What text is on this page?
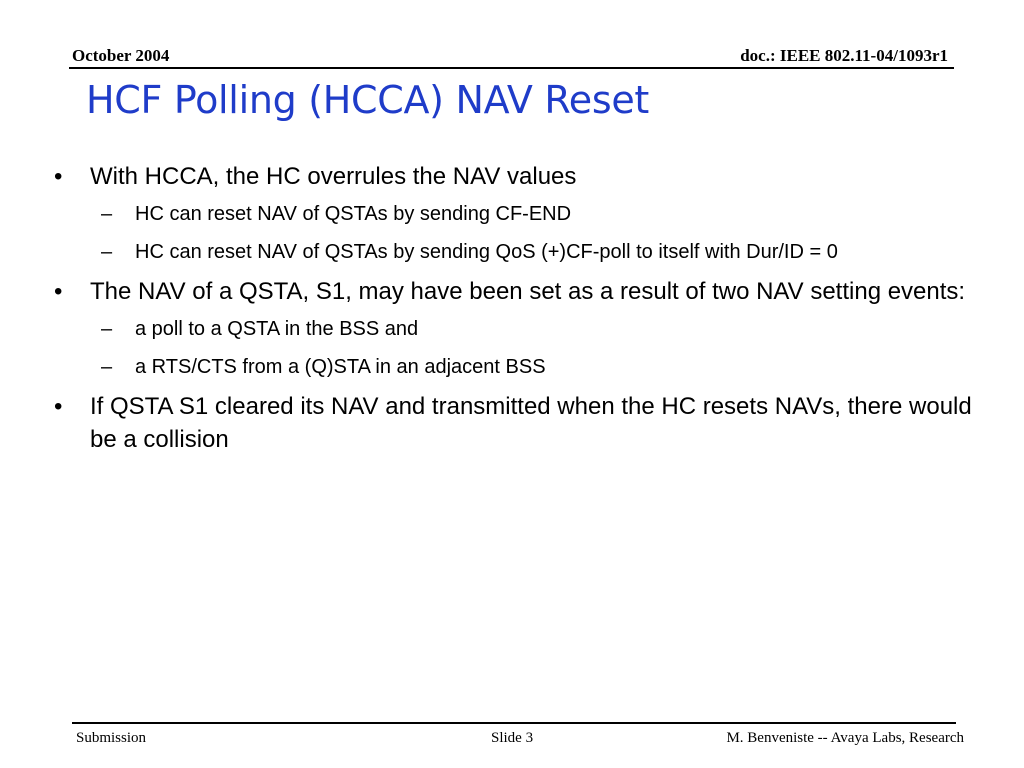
October 2004	doc.: IEEE 802.11-04/1093r1
HCF Polling (HCCA) NAV Reset
• With HCCA, the HC overrules the NAV values
– HC can reset NAV of QSTAs by sending CF-END
– HC can reset NAV of QSTAs by sending QoS (+)CF-poll to itself with Dur/ID = 0
• The NAV of a QSTA, S1, may have been set as a result of two NAV setting events:
– a poll to a QSTA in the BSS and
– a RTS/CTS from a (Q)STA in an adjacent BSS
• If QSTA S1 cleared its NAV and transmitted when the HC resets NAVs, there would be a collision
Submission	Slide 3	M. Benveniste -- Avaya Labs, Research
